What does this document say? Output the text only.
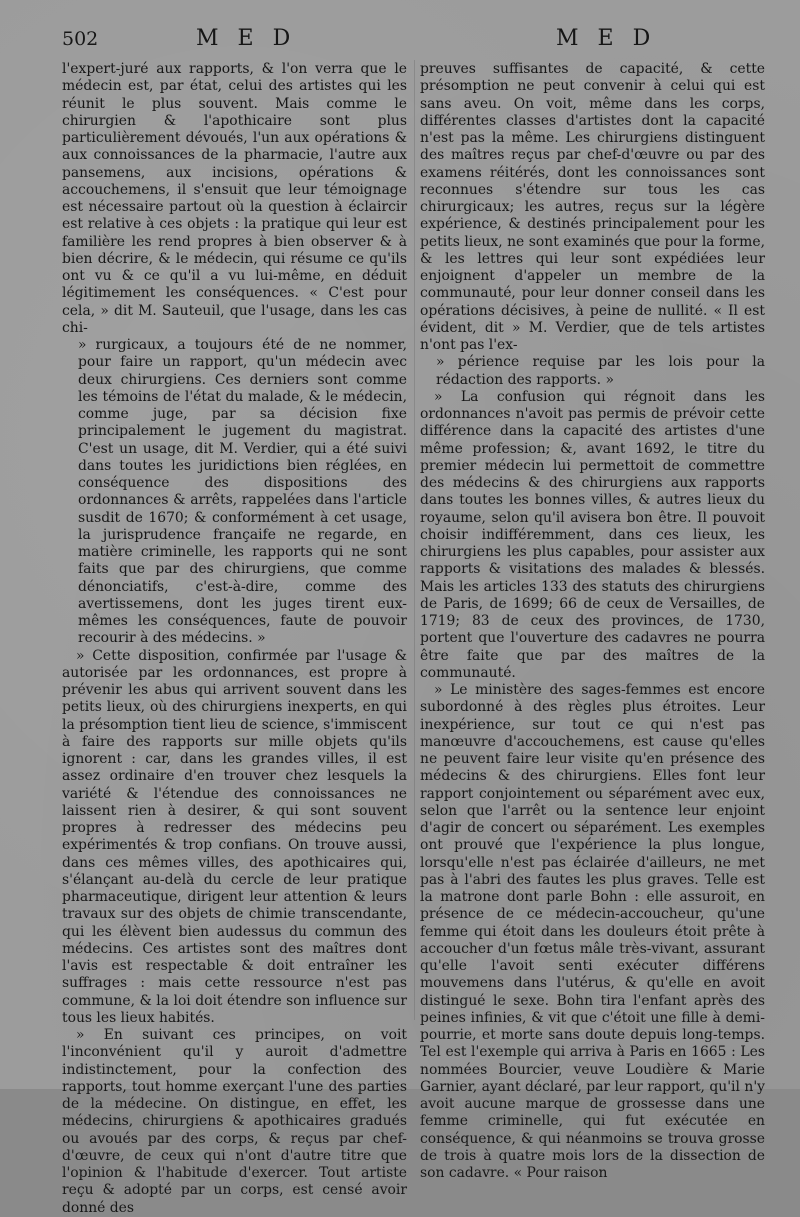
502	M E D	M E D

l'expert-juré aux rapports, & l'on verra que le médecin est, par état, celui des artistes qui les réunit le plus souvent. Mais comme le chirurgien & l'apothicaire sont plus particulièrement dévoués, l'un aux opérations & aux connoissances de la pharmacie, l'autre aux pansemens, aux incisions, opérations & accouchemens, il s'ensuit que leur témoignage est nécessaire partout où la question à éclaircir est relative à ces objets : la pratique qui leur est familière les rend propres à bien observer & à bien décrire, & le médecin, qui résume ce qu'ils ont vu & ce qu'il a vu lui-même, en déduit légitimement les conséquences. « C'est pour cela, » dit M. Sauteuil, que l'usage, dans les cas chi-

» rurgicaux, a toujours été de ne nommer, pour faire un rapport, qu'un médecin avec deux chirurgiens. Ces derniers sont comme les témoins de l'état du malade, & le médecin, comme juge, par sa décision fixe principalement le jugement du magistrat. C'est un usage, dit M. Verdier, qui a été suivi dans toutes les juridictions bien réglées, en conséquence des dispositions des ordonnances & arrêts, rappelées dans l'article susdit de 1670; & conformément à cet usage, la jurisprudence françaife ne regarde, en matière criminelle, les rapports qui ne sont faits que par des chirurgiens, que comme dénonciatifs, c'est-à-dire, comme des avertissemens, dont les juges tirent eux-mêmes les conséquences, faute de pouvoir recourir à des médecins. »

» Cette disposition, confirmée par l'usage & autorisée par les ordonnances, est propre à prévenir les abus qui arrivent souvent dans les petits lieux, où des chirurgiens inexperts, en qui la présomption tient lieu de science, s'immiscent à faire des rapports sur mille objets qu'ils ignorent : car, dans les grandes villes, il est assez ordinaire d'en trouver chez lesquels la variété & l'étendue des connoissances ne laissent rien à desirer, & qui sont souvent propres à redresser des médecins peu expérimentés & trop confians. On trouve aussi, dans ces mêmes villes, des apothicaires qui, s'élançant au-delà du cercle de leur pratique pharmaceutique, dirigent leur attention & leurs travaux sur des objets de chimie transcendante, qui les élèvent bien audessus du commun des médecins. Ces artistes sont des maîtres dont l'avis est respectable & doit entraîner les suffrages : mais cette ressource n'est pas commune, & la loi doit étendre son influence sur tous les lieux habités.

» En suivant ces principes, on voit l'inconvénient qu'il y auroit d'admettre indistinctement, pour la confection des rapports, tout homme exerçant l'une des parties de la médecine. On distingue, en effet, les médecins, chirurgiens & apothicaires gradués ou avoués par des corps, & reçus par chef-d'œuvre, de ceux qui n'ont d'autre titre que l'opinion & l'habitude d'exercer. Tout artiste reçu & adopté par un corps, est censé avoir donné des

preuves suffisantes de capacité, & cette présomption ne peut convenir à celui qui est sans aveu. On voit, même dans les corps, différentes classes d'artistes dont la capacité n'est pas la même. Les chirurgiens distinguent des maîtres reçus par chef-d'œuvre ou par des examens réitérés, dont les connoissances sont reconnues s'étendre sur tous les cas chirurgicaux; les autres, reçus sur la légère expérience, & destinés principalement pour les petits lieux, ne sont examinés que pour la forme, & les lettres qui leur sont expédiées leur enjoignent d'appeler un membre de la communauté, pour leur donner conseil dans les opérations décisives, à peine de nullité. « Il est évident, dit » M. Verdier, que de tels artistes n'ont pas l'ex-

» périence requise par les lois pour la rédaction des rapports. »

» La confusion qui régnoit dans les ordonnances n'avoit pas permis de prévoir cette différence dans la capacité des artistes d'une même profession; &, avant 1692, le titre du premier médecin lui permettoit de commettre des médecins & des chirurgiens aux rapports dans toutes les bonnes villes, & autres lieux du royaume, selon qu'il avisera bon être. Il pouvoit choisir indifféremment, dans ces lieux, les chirurgiens les plus capables, pour assister aux rapports & visitations des malades & blessés. Mais les articles 133 des statuts des chirurgiens de Paris, de 1699; 66 de ceux de Versailles, de 1719; 83 de ceux des provinces, de 1730, portent que l'ouverture des cadavres ne pourra être faite que par des maîtres de la communauté.

» Le ministère des sages-femmes est encore subordonné à des règles plus étroites. Leur inexpérience, sur tout ce qui n'est pas manœuvre d'accouchemens, est cause qu'elles ne peuvent faire leur visite qu'en présence des médecins & des chirurgiens. Elles font leur rapport conjointement ou séparément avec eux, selon que l'arrêt ou la sentence leur enjoint d'agir de concert ou séparément. Les exemples ont prouvé que l'expérience la plus longue, lorsqu'elle n'est pas éclairée d'ailleurs, ne met pas à l'abri des fautes les plus graves. Telle est la matrone dont parle Bohn : elle assuroit, en présence de ce médecin-accoucheur, qu'une femme qui étoit dans les douleurs étoit prête à accoucher d'un fœtus mâle très-vivant, assurant qu'elle l'avoit senti exécuter différens mouvemens dans l'utérus, & qu'elle en avoit distingué le sexe. Bohn tira l'enfant après des peines infinies, & vit que c'étoit une fille à demi-pourrie, et morte sans doute depuis long-temps. Tel est l'exemple qui arriva à Paris en 1665 : Les nommées Bourcier, veuve Loudière & Marie Garnier, ayant déclaré, par leur rapport, qu'il n'y avoit aucune marque de grossesse dans une femme criminelle, qui fut exécutée en conséquence, & qui néanmoins se trouva grosse de trois à quatre mois lors de la dissection de son cadavre. « Pour raison
